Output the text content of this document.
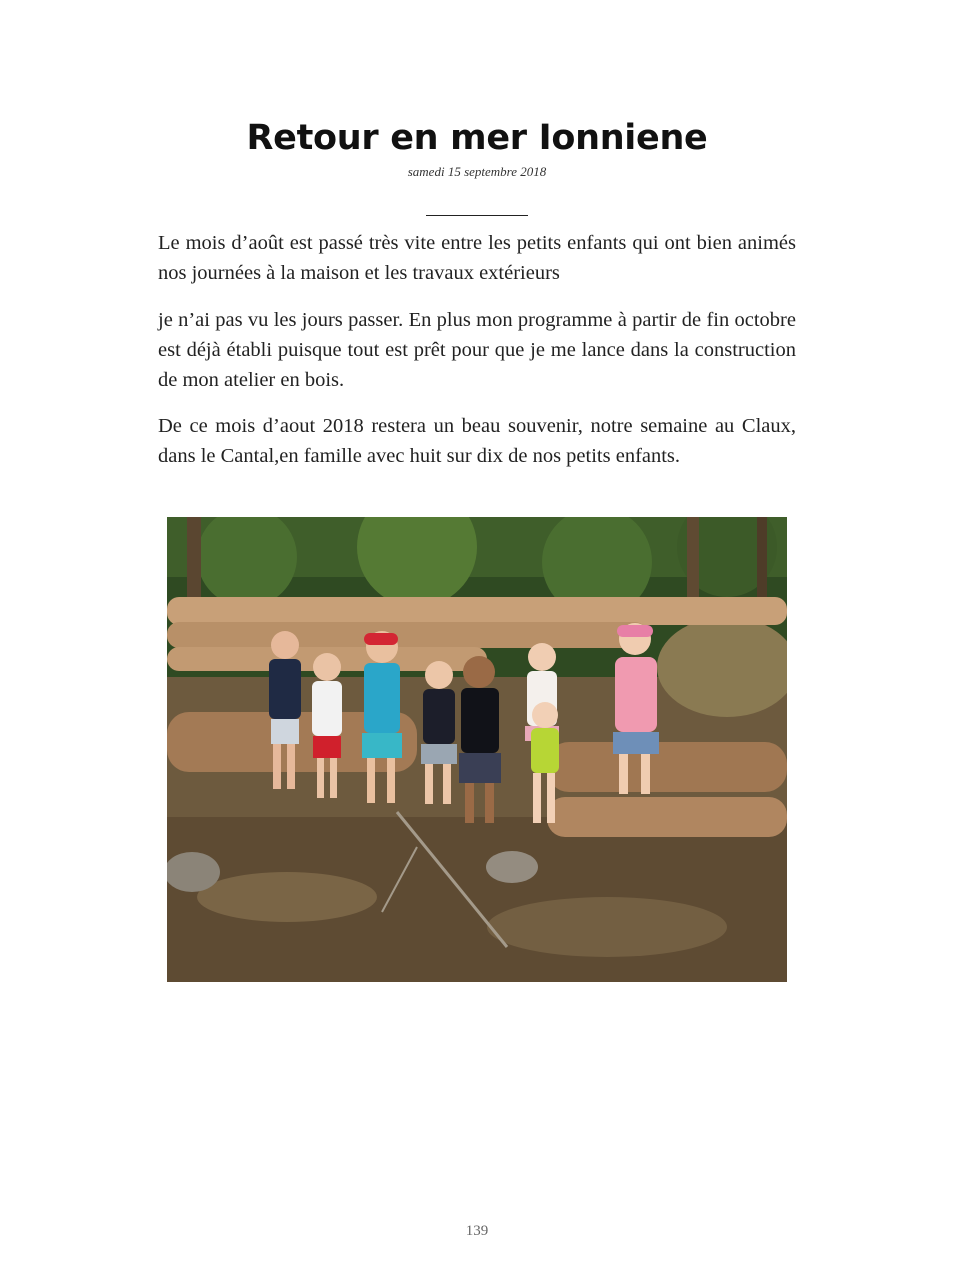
Retour en mer Ionniene
samedi 15 septembre 2018

Le mois d’août est passé très vite entre les petits enfants qui ont bien animés nos journées à la maison et les travaux extérieurs

je n’ai pas vu les jours passer. En plus mon programme à partir de fin octobre est déjà établi puisque tout est prêt pour que je me lance dans la construction de mon atelier en bois.

De ce mois d’aout 2018 restera un beau souvenir, notre semaine au Claux, dans le Cantal,en famille avec huit sur dix de nos petits enfants.

139
